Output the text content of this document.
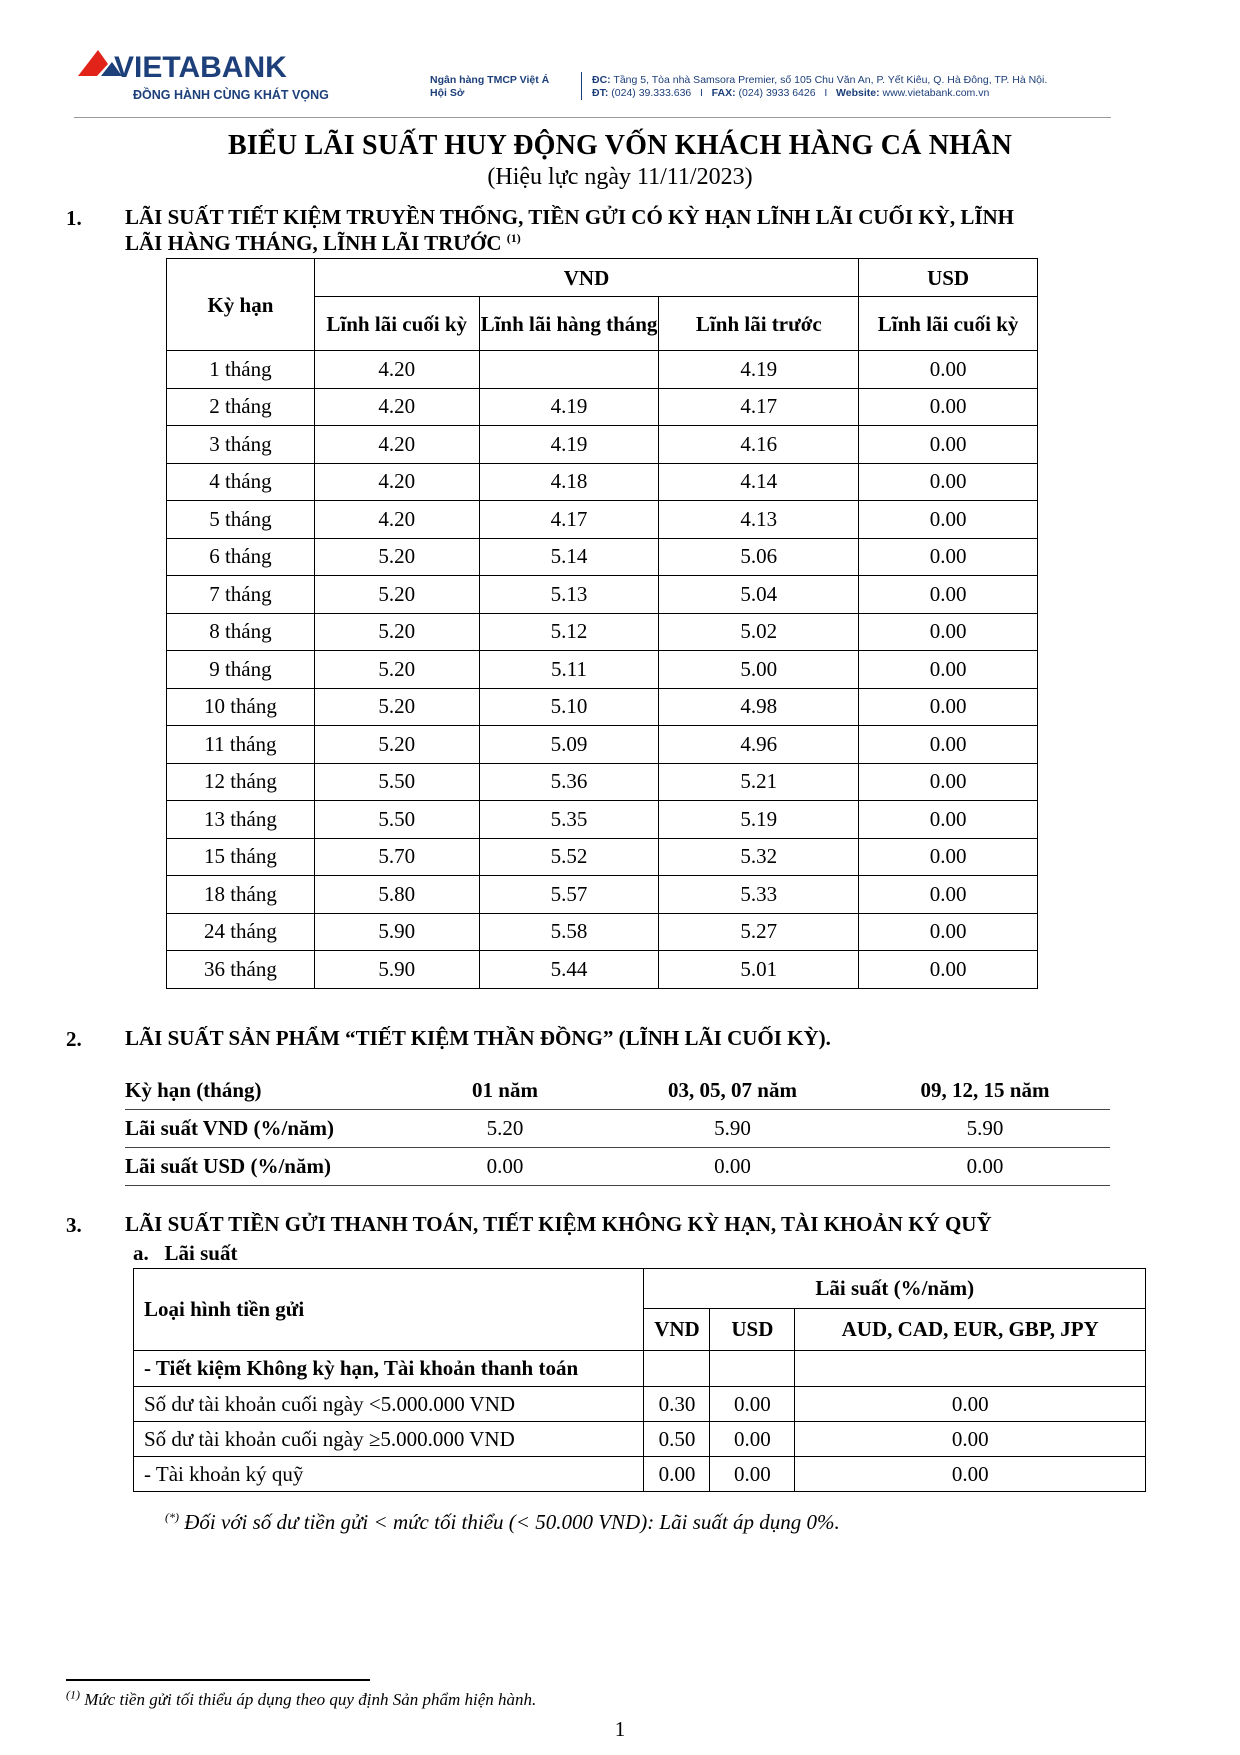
VIETABANK
ĐỒNG HÀNH CÙNG KHÁT VỌNG
Ngân hàng TMCP Việt Á
Hội Sở
ĐC: Tầng 5, Tòa nhà Samsora Premier, số 105 Chu Văn An, P. Yết Kiêu, Q. Hà Đông, TP. Hà Nội.
ĐT: (024) 39.333.636   I   FAX: (024) 3933 6426   I   Website: www.vietabank.com.vn
BIỂU LÃI SUẤT HUY ĐỘNG VỐN KHÁCH HÀNG CÁ NHÂN
(Hiệu lực ngày 11/11/2023)
1. LÃI SUẤT TIẾT KIỆM TRUYỀN THỐNG, TIỀN GỬI CÓ KỲ HẠN LĨNH LÃI CUỐI KỲ, LĨNH
LÃI HÀNG THÁNG, LĨNH LÃI TRƯỚC $^{(1)}$
Kỳ hạn	VND			USD
	Lĩnh lãi cuối kỳ	Lĩnh lãi hàng tháng	Lĩnh lãi trước	Lĩnh lãi cuối kỳ
1 tháng	4.20		4.19	0.00
2 tháng	4.20	4.19	4.17	0.00
3 tháng	4.20	4.19	4.16	0.00
4 tháng	4.20	4.18	4.14	0.00
5 tháng	4.20	4.17	4.13	0.00
6 tháng	5.20	5.14	5.06	0.00
7 tháng	5.20	5.13	5.04	0.00
8 tháng	5.20	5.12	5.02	0.00
9 tháng	5.20	5.11	5.00	0.00
10 tháng	5.20	5.10	4.98	0.00
11 tháng	5.20	5.09	4.96	0.00
12 tháng	5.50	5.36	5.21	0.00
13 tháng	5.50	5.35	5.19	0.00
15 tháng	5.70	5.52	5.32	0.00
18 tháng	5.80	5.57	5.33	0.00
24 tháng	5.90	5.58	5.27	0.00
36 tháng	5.90	5.44	5.01	0.00
2. LÃI SUẤT SẢN PHẨM “TIẾT KIỆM THẦN ĐỒNG” (LĨNH LÃI CUỐI KỲ).
Kỳ hạn (tháng)	01 năm	03, 05, 07 năm	09, 12, 15 năm
Lãi suất VND (%/năm)	5.20	5.90	5.90
Lãi suất USD (%/năm)	0.00	0.00	0.00
3. LÃI SUẤT TIỀN GỬI THANH TOÁN, TIẾT KIỆM KHÔNG KỲ HẠN, TÀI KHOẢN KÝ QUỸ
a. Lãi suất
Loại hình tiền gửi	Lãi suất (%/năm)		
	VND	USD	AUD, CAD, EUR, GBP, JPY
- Tiết kiệm Không kỳ hạn, Tài khoản thanh toán			
Số dư tài khoản cuối ngày <5.000.000 VND	0.30	0.00	0.00
Số dư tài khoản cuối ngày ≥5.000.000 VND	0.50	0.00	0.00
- Tài khoản ký quỹ	0.00	0.00	0.00
(*) Đối với số dư tiền gửi < mức tối thiểu (< 50.000 VND): Lãi suất áp dụng 0%.
$^{(1)}$ Mức tiền gửi tối thiểu áp dụng theo quy định Sản phẩm hiện hành.
1
